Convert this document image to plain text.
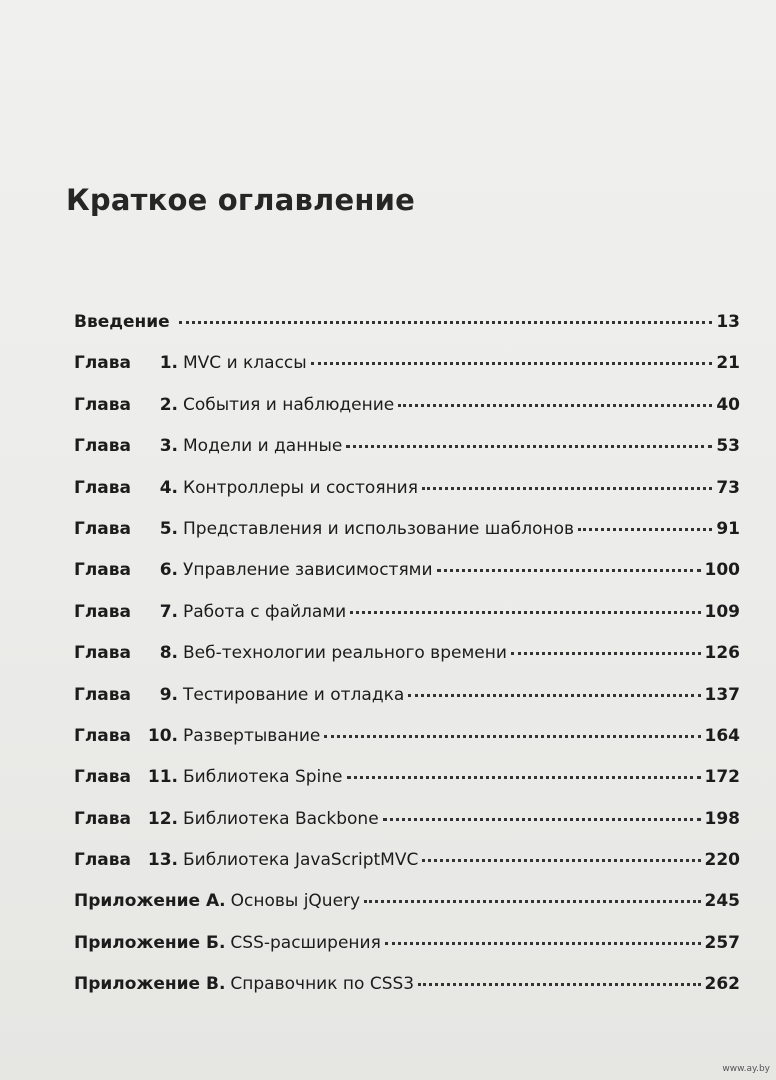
Краткое оглавление
Введение	13
Глава 1. MVC и классы	21
Глава 2. События и наблюдение	40
Глава 3. Модели и данные	53
Глава 4. Контроллеры и состояния	73
Глава 5. Представления и использование шаблонов	91
Глава 6. Управление зависимостями	100
Глава 7. Работа с файлами	109
Глава 8. Веб-технологии реального времени	126
Глава 9. Тестирование и отладка	137
Глава 10. Развертывание	164
Глава 11. Библиотека Spine	172
Глава 12. Библиотека Backbone	198
Глава 13. Библиотека JavaScriptMVC	220
Приложение А. Основы jQuery	245
Приложение Б. CSS-расширения	257
Приложение В. Справочник по CSS3	262
www.ay.by
